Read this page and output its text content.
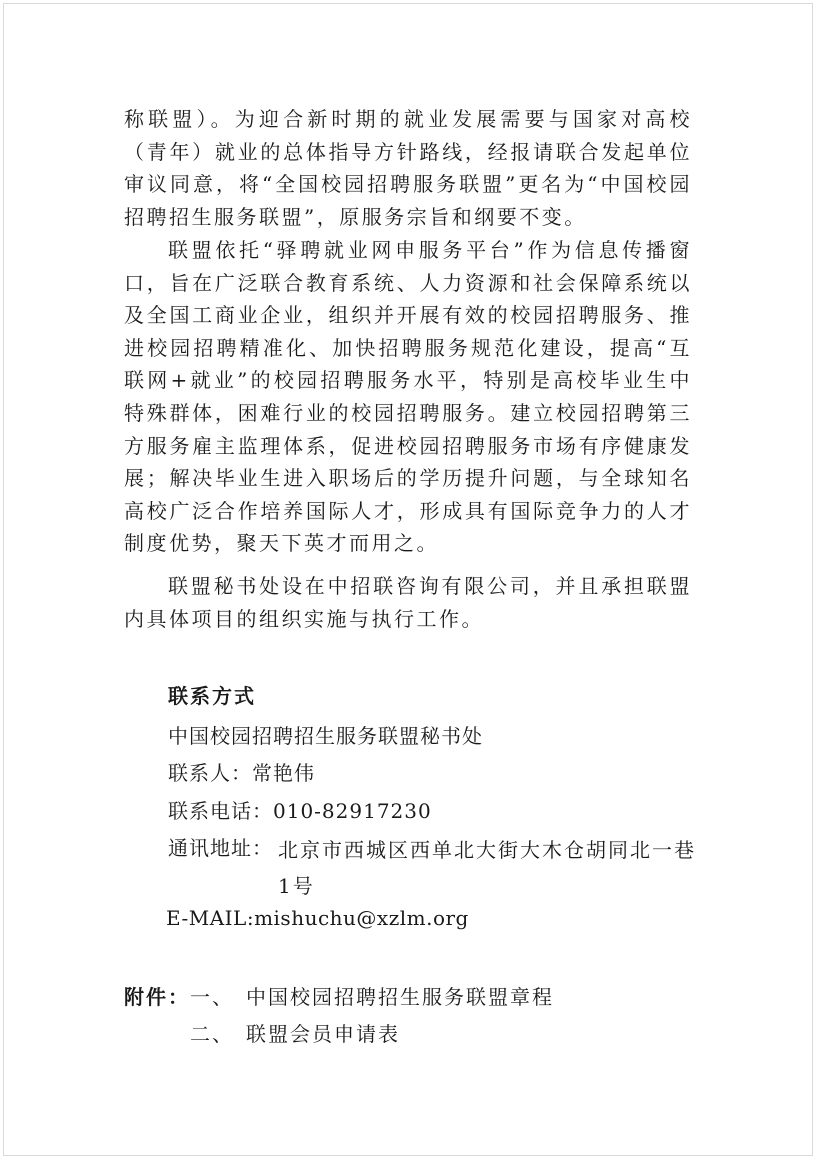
称联盟）。为迎合新时期的就业发展需要与国家对高校（青年）就业的总体指导方针路线，经报请联合发起单位审议同意，将“全国校园招聘服务联盟”更名为“中国校园招聘招生服务联盟”，原服务宗旨和纲要不变。

联盟依托“驿聘就业网申服务平台”作为信息传播窗口，旨在广泛联合教育系统、人力资源和社会保障系统以及全国工商业企业，组织并开展有效的校园招聘服务、推进校园招聘精准化、加快招聘服务规范化建设，提高“互联网+就业”的校园招聘服务水平，特别是高校毕业生中特殊群体，困难行业的校园招聘服务。建立校园招聘第三方服务雇主监理体系，促进校园招聘服务市场有序健康发展；解决毕业生进入职场后的学历提升问题，与全球知名高校广泛合作培养国际人才，形成具有国际竞争力的人才制度优势，聚天下英才而用之。

联盟秘书处设在中招联咨询有限公司，并且承担联盟内具体项目的组织实施与执行工作。

联系方式
中国校园招聘招生服务联盟秘书处
联系人：常艳伟
联系电话：010-82917230
通讯地址： 北京市西城区西单北大街大木仓胡同北一巷1号
E-MAIL:mishuchu@xzlm.org
附件：一、 中国校园招聘招生服务联盟章程
二、 联盟会员申请表
